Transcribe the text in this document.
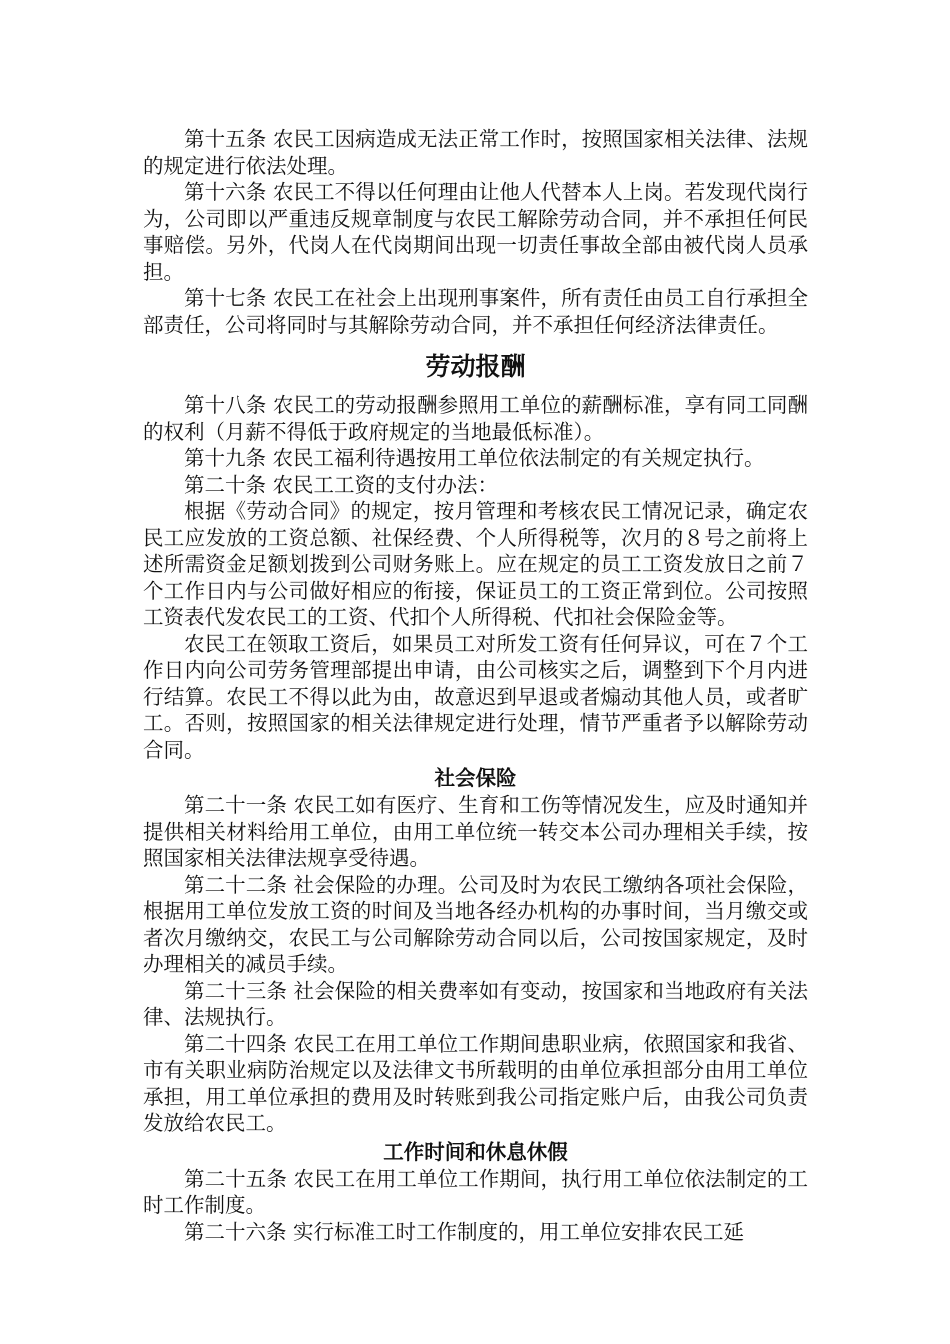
第十五条 农民工因病造成无法正常工作时，按照国家相关法律、法规的规定进行依法处理。

第十六条 农民工不得以任何理由让他人代替本人上岗。若发现代岗行为，公司即以严重违反规章制度与农民工解除劳动合同，并不承担任何民事赔偿。另外，代岗人在代岗期间出现一切责任事故全部由被代岗人员承担。

第十七条 农民工在社会上出现刑事案件，所有责任由员工自行承担全部责任，公司将同时与其解除劳动合同，并不承担任何经济法律责任。

劳动报酬

第十八条 农民工的劳动报酬参照用工单位的薪酬标准，享有同工同酬的权利（月薪不得低于政府规定的当地最低标准）。

第十九条 农民工福利待遇按用工单位依法制定的有关规定执行。

第二十条 农民工工资的支付办法：

根据《劳动合同》的规定，按月管理和考核农民工情况记录，确定农民工应发放的工资总额、社保经费、个人所得税等，次月的８号之前将上述所需资金足额划拨到公司财务账上。应在规定的员工工资发放日之前７个工作日内与公司做好相应的衔接，保证员工的工资正常到位。公司按照工资表代发农民工的工资、代扣个人所得税、代扣社会保险金等。

农民工在领取工资后，如果员工对所发工资有任何异议，可在７个工作日内向公司劳务管理部提出申请，由公司核实之后，调整到下个月内进行结算。农民工不得以此为由，故意迟到早退或者煽动其他人员，或者旷工。否则，按照国家的相关法律规定进行处理，情节严重者予以解除劳动合同。

社会保险

第二十一条 农民工如有医疗、生育和工伤等情况发生，应及时通知并提供相关材料给用工单位，由用工单位统一转交本公司办理相关手续，按照国家相关法律法规享受待遇。

第二十二条 社会保险的办理。公司及时为农民工缴纳各项社会保险，根据用工单位发放工资的时间及当地各经办机构的办事时间，当月缴交或者次月缴纳交，农民工与公司解除劳动合同以后，公司按国家规定，及时办理相关的减员手续。

第二十三条 社会保险的相关费率如有变动，按国家和当地政府有关法律、法规执行。

第二十四条 农民工在用工单位工作期间患职业病，依照国家和我省、市有关职业病防治规定以及法律文书所载明的由单位承担部分由用工单位承担，用工单位承担的费用及时转账到我公司指定账户后，由我公司负责发放给农民工。

工作时间和休息休假

第二十五条 农民工在用工单位工作期间，执行用工单位依法制定的工时工作制度。

第二十六条 实行标准工时工作制度的，用工单位安排农民工延
